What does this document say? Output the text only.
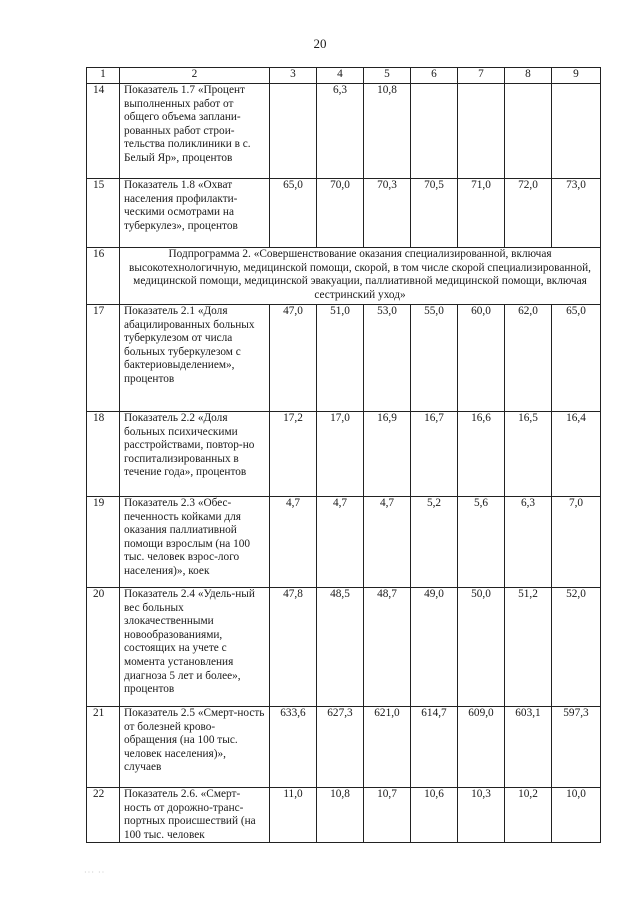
20
1	2	3	4	5	6	7	8	9
14	Показатель 1.7 «Процент выполненных работ от общего объема заплани-рованных работ строи-тельства поликлиники в с. Белый Яр», процентов		6,3	10,8				
15	Показатель 1.8 «Охват населения профилакти-ческими осмотрами на туберкулез», процентов	65,0	70,0	70,3	70,5	71,0	72,0	73,0
16	Подпрограмма 2. «Совершенствование оказания специализированной, включая высокотехнологичную, медицинской помощи, скорой, в том числе скорой специализированной, медицинской помощи, медицинской эвакуации, паллиативной медицинской помощи, включая сестринский уход»							
17	Показатель 2.1 «Доля абацилированных больных туберкулезом от числа больных туберкулезом с бактериовыделением», процентов	47,0	51,0	53,0	55,0	60,0	62,0	65,0
18	Показатель 2.2 «Доля больных психическими расстройствами, повтор-но госпитализированных в течение года», процентов	17,2	17,0	16,9	16,7	16,6	16,5	16,4
19	Показатель 2.3 «Обес-печенность койками для оказания паллиативной помощи взрослым (на 100 тыс. человек взрос-лого населения)», коек	4,7	4,7	4,7	5,2	5,6	6,3	7,0
20	Показатель 2.4 «Удель-ный вес больных злокачественными новообразованиями, состоящих на учете с момента установления диагноза 5 лет и более», процентов	47,8	48,5	48,7	49,0	50,0	51,2	52,0
21	Показатель 2.5 «Смерт-ность от болезней крово-обращения (на 100 тыс. человек населения)», случаев	633,6	627,3	621,0	614,7	609,0	603,1	597,3
22	Показатель 2.6. «Смерт-ность от дорожно-транс-портных происшествий (на 100 тыс. человек	11,0	10,8	10,7	10,6	10,3	10,2	10,0
··· ··
